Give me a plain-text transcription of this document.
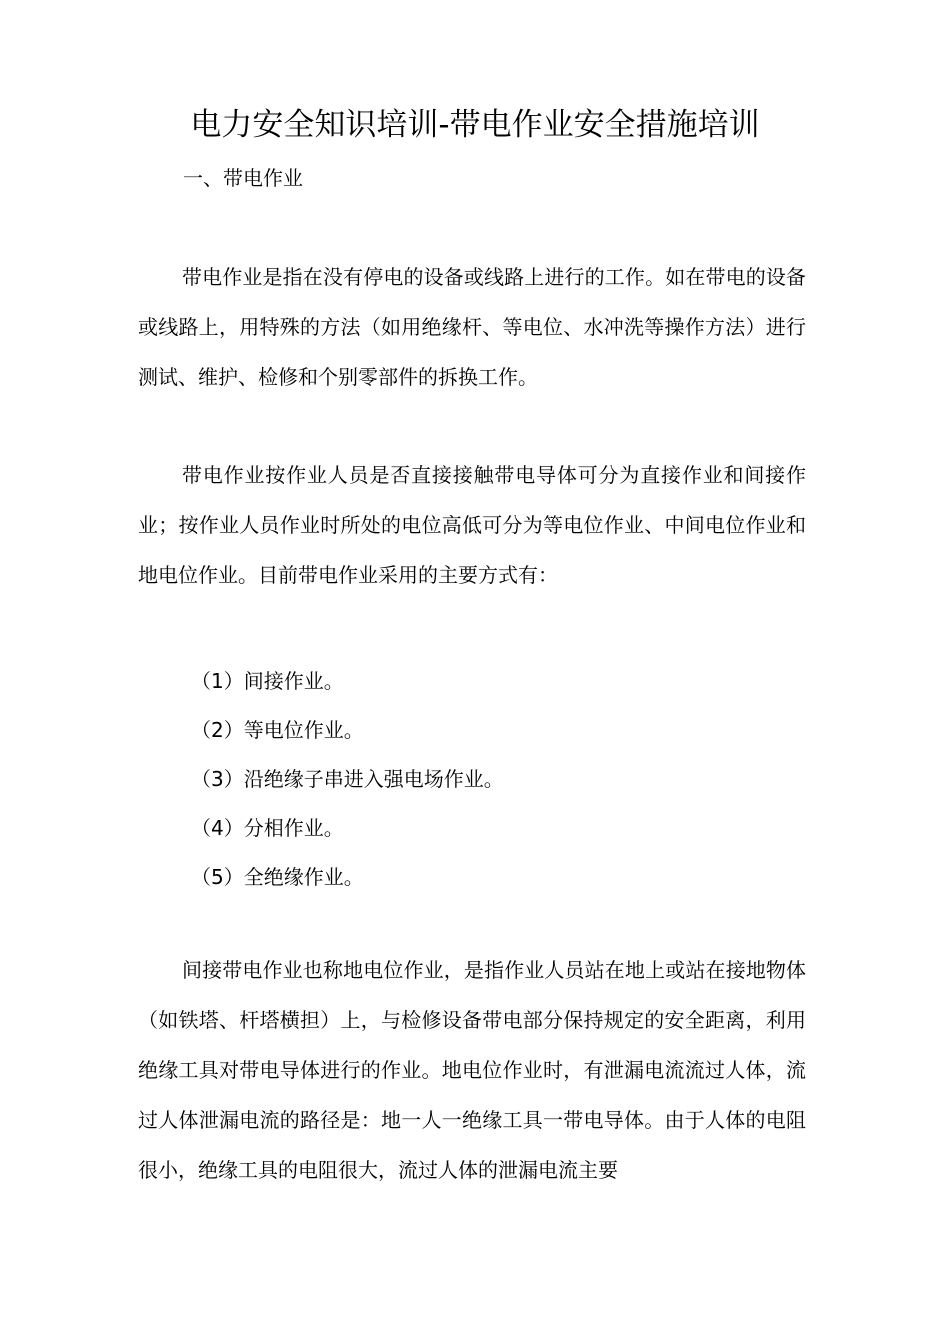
电力安全知识培训-带电作业安全措施培训

一、带电作业

带电作业是指在没有停电的设备或线路上进行的工作。如在带电的设备或线路上，用特殊的方法（如用绝缘杆、等电位、水冲洗等操作方法）进行测试、维护、检修和个别零部件的拆换工作。

带电作业按作业人员是否直接接触带电导体可分为直接作业和间接作业；按作业人员作业时所处的电位高低可分为等电位作业、中间电位作业和地电位作业。目前带电作业采用的主要方式有：

（1）间接作业。
（2）等电位作业。
（3）沿绝缘子串进入强电场作业。
（4）分相作业。
（5）全绝缘作业。

间接带电作业也称地电位作业，是指作业人员站在地上或站在接地物体（如铁塔、杆塔横担）上，与检修设备带电部分保持规定的安全距离，利用绝缘工具对带电导体进行的作业。地电位作业时，有泄漏电流流过人体，流过人体泄漏电流的路径是：地一人一绝缘工具一带电导体。由于人体的电阻很小，绝缘工具的电阻很大，流过人体的泄漏电流主要
